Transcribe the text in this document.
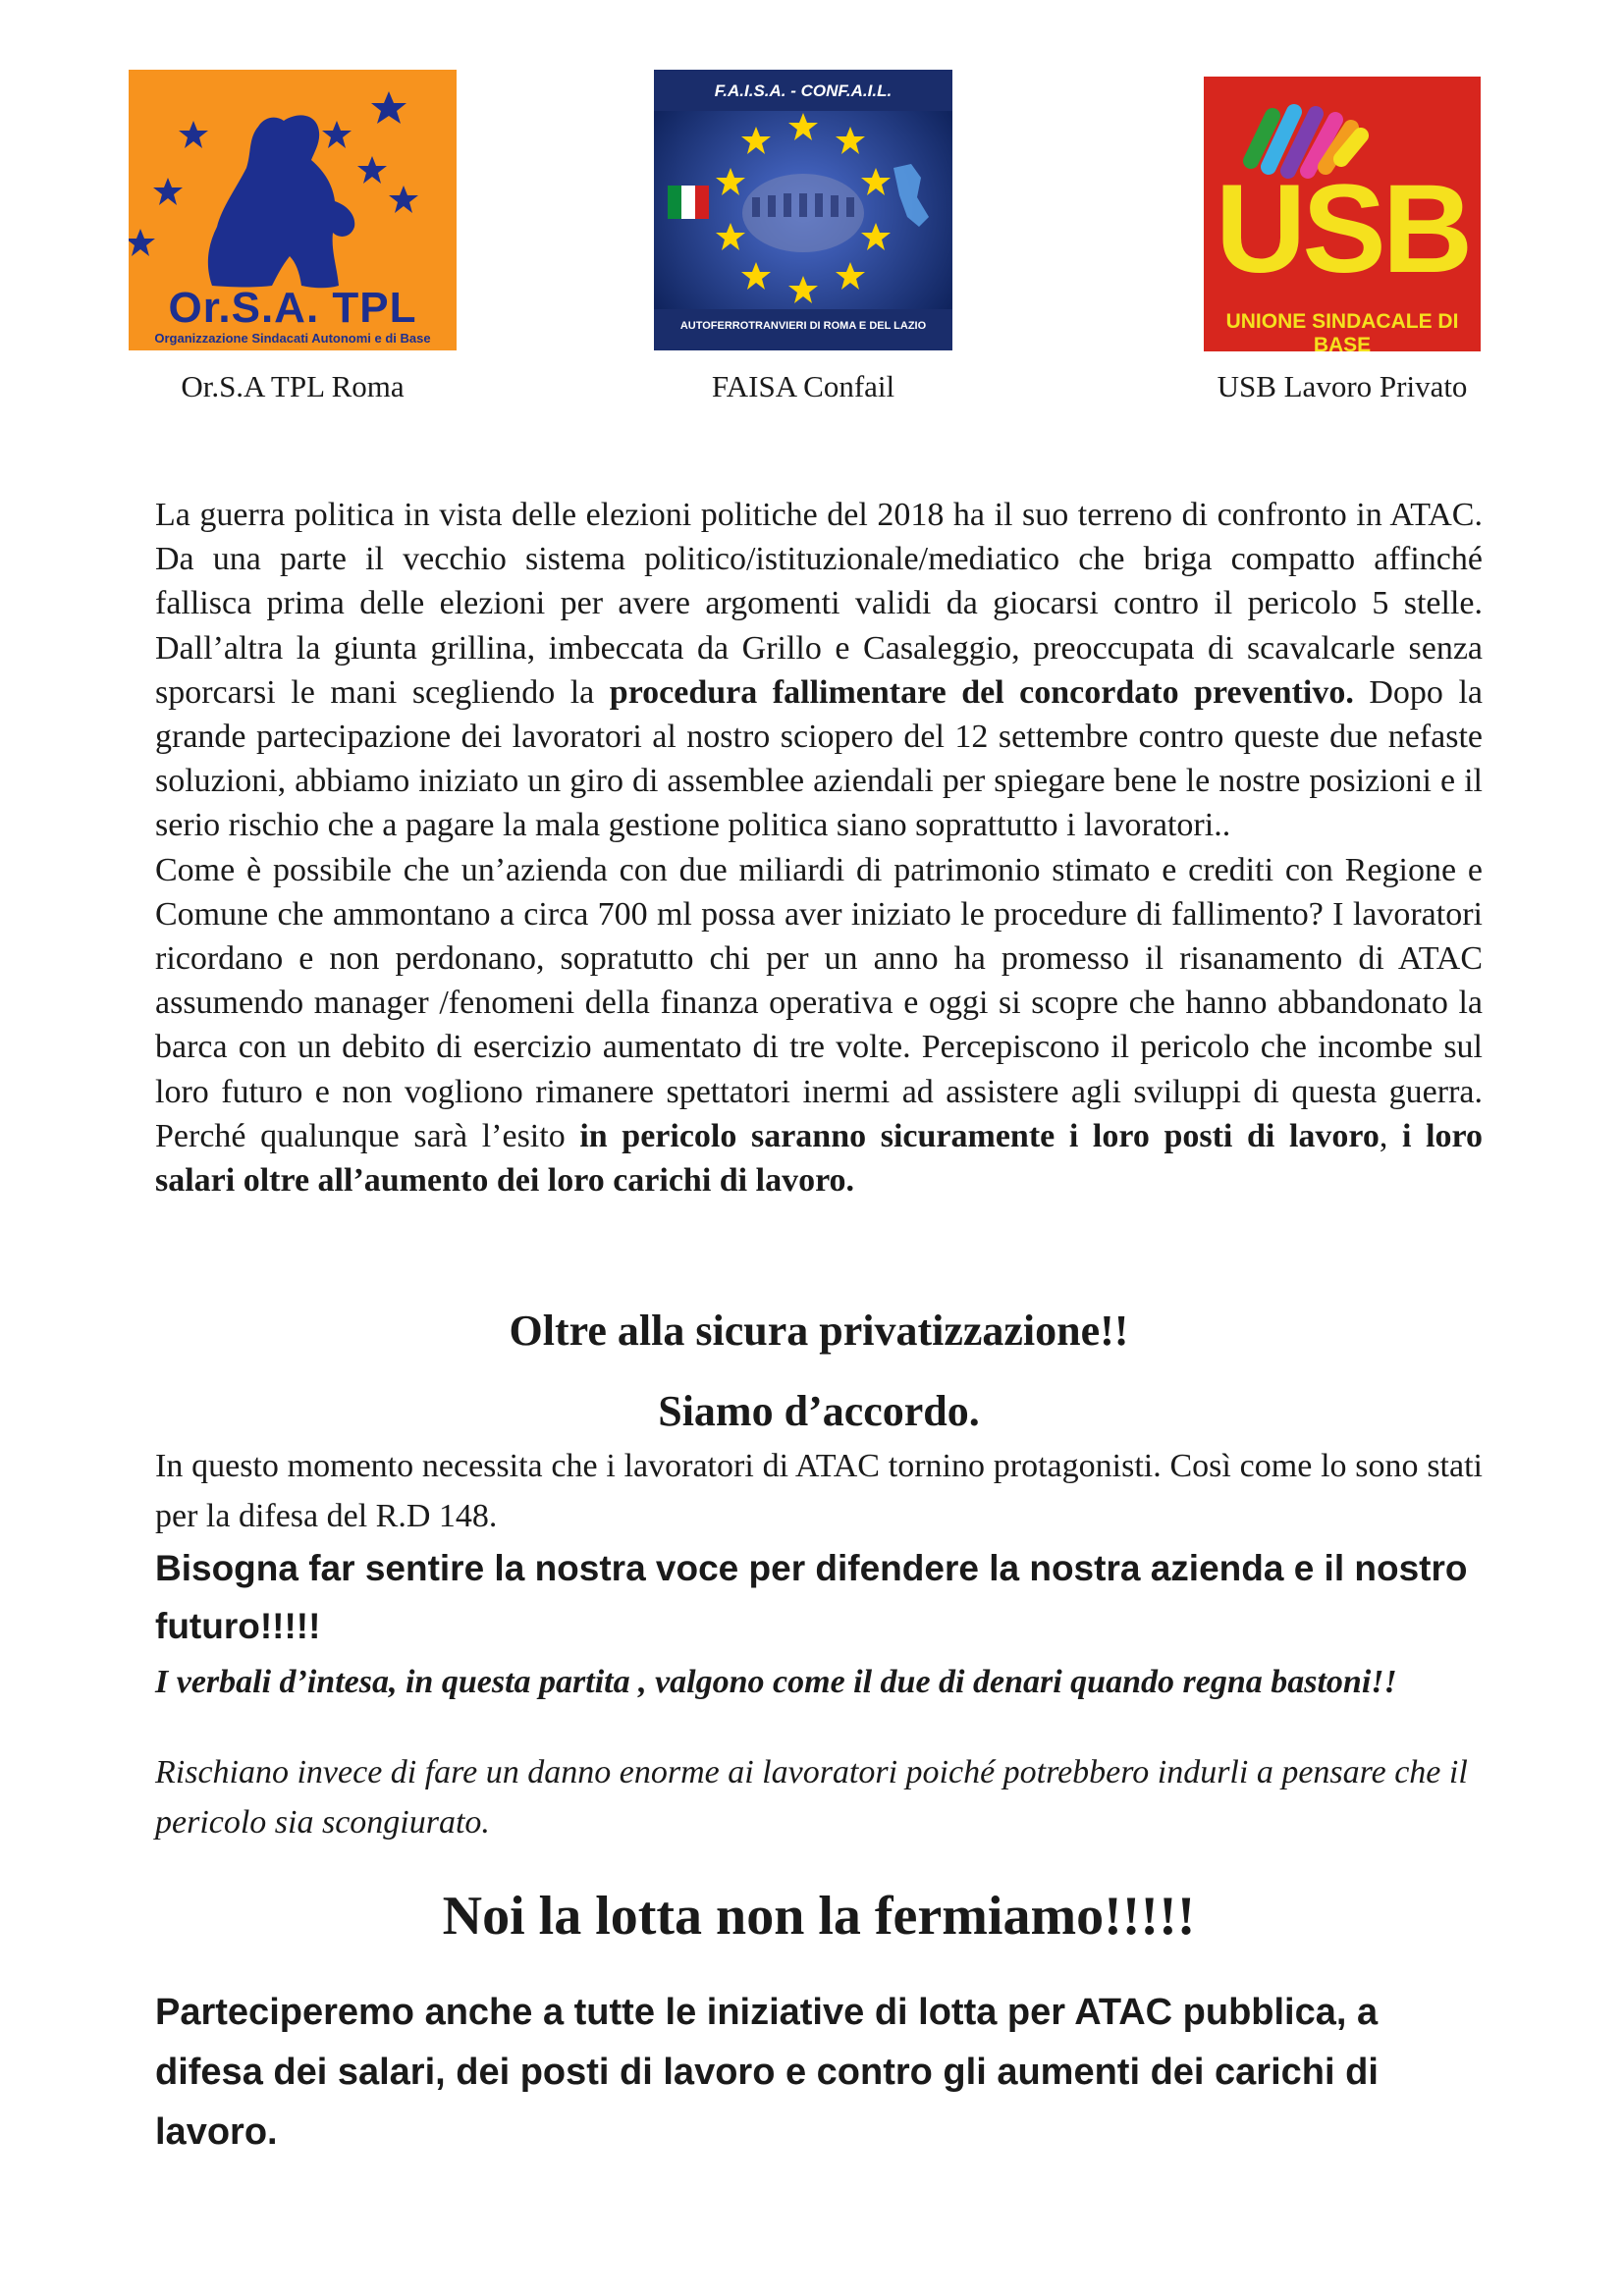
Or.S.A. TPL
Organizzazione Sindacati Autonomi e di Base
Or.S.A TPL Roma
F.A.I.S.A. - CONF.A.I.L.
AUTOFERROTRANVIERI DI ROMA E DEL LAZIO
FAISA Confail
USB
UNIONE SINDACALE DI BASE
USB Lavoro Privato

La guerra politica in vista delle elezioni politiche del 2018 ha il suo terreno di confronto in ATAC. Da una parte il vecchio sistema politico/istituzionale/mediatico che briga compatto affinché fallisca prima delle elezioni per avere argomenti validi da giocarsi contro il pericolo 5 stelle. Dall’altra la giunta grillina, imbeccata da Grillo e Casaleggio, preoccupata di scavalcarle senza sporcarsi le mani scegliendo la procedura fallimentare del concordato preventivo. Dopo la grande partecipazione dei lavoratori al nostro sciopero del 12 settembre contro queste due nefaste soluzioni, abbiamo iniziato un giro di assemblee aziendali per spiegare bene le nostre posizioni e il serio rischio che a pagare la mala gestione politica siano soprattutto i lavoratori..
Come è possibile che un’azienda con due miliardi di patrimonio stimato e crediti con Regione e Comune che ammontano a circa 700 ml possa aver iniziato le procedure di fallimento? I lavoratori ricordano e non perdonano, sopratutto chi per un anno ha promesso il risanamento di ATAC assumendo manager /fenomeni della finanza operativa e oggi si scopre che hanno abbandonato la barca con un debito di esercizio aumentato di tre volte. Percepiscono il pericolo che incombe sul loro futuro e non vogliono rimanere spettatori inermi ad assistere agli sviluppi di questa guerra. Perché qualunque sarà l’esito in pericolo saranno sicuramente i loro posti di lavoro, i loro salari oltre all’aumento dei loro carichi di lavoro.

Oltre alla sicura privatizzazione!!

Siamo d’accordo.

In questo momento necessita che i lavoratori di ATAC tornino protagonisti. Così come lo sono stati per la difesa del R.D 148.

Bisogna far sentire la nostra voce per difendere la nostra azienda e il nostro futuro!!!!!

I verbali d’intesa, in questa partita , valgono come il due di denari quando regna bastoni!!

Rischiano invece di fare un danno enorme ai lavoratori poiché potrebbero indurli a pensare che il pericolo sia scongiurato.

Noi la lotta non la fermiamo!!!!!

Parteciperemo anche a tutte le iniziative di lotta per ATAC pubblica, a difesa dei salari, dei posti di lavoro e contro gli aumenti dei carichi di lavoro.
